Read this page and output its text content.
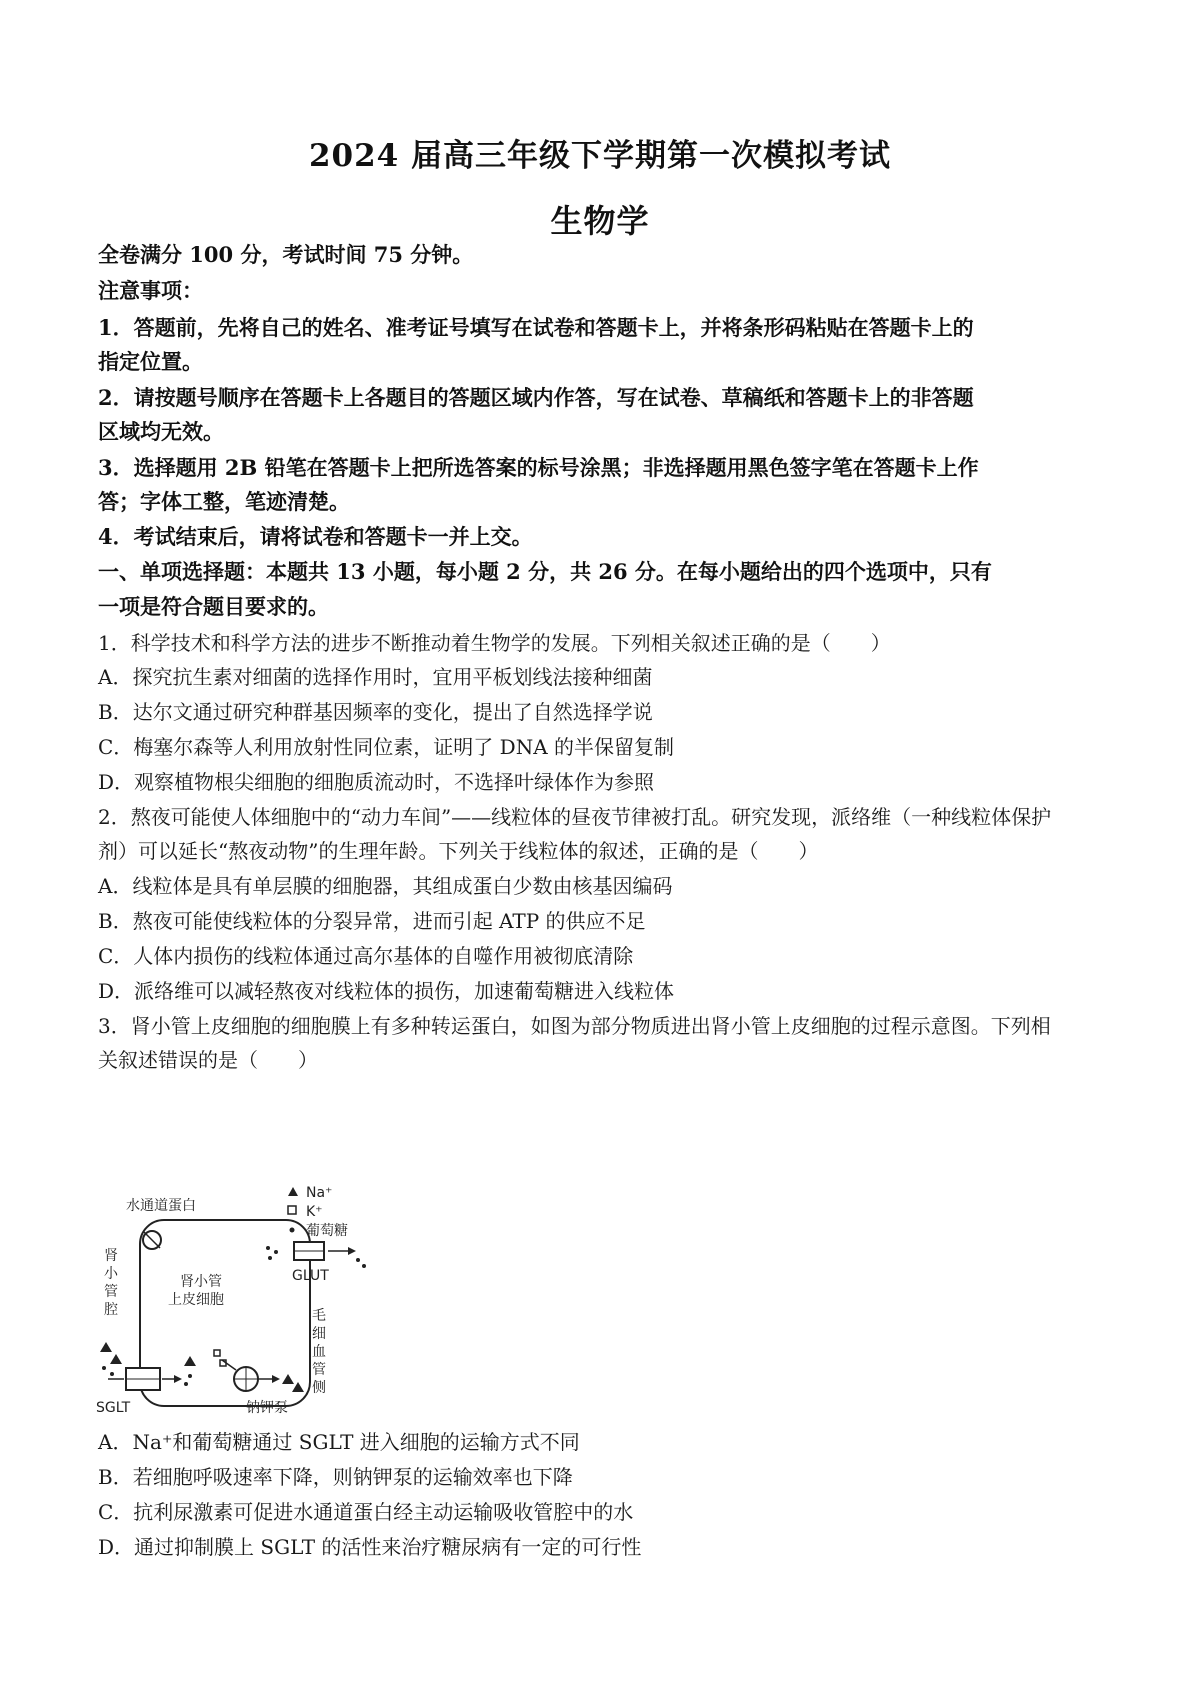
2024 届高三年级下学期第一次模拟考试
生物学
全卷满分 100 分，考试时间 75 分钟。
注意事项：
1．答题前，先将自己的姓名、准考证号填写在试卷和答题卡上，并将条形码粘贴在答题卡上的
指定位置。
2．请按题号顺序在答题卡上各题目的答题区域内作答，写在试卷、草稿纸和答题卡上的非答题
区域均无效。
3．选择题用 2B 铅笔在答题卡上把所选答案的标号涂黑；非选择题用黑色签字笔在答题卡上作
答；字体工整，笔迹清楚。
4．考试结束后，请将试卷和答题卡一并上交。
一、单项选择题：本题共 13 小题，每小题 2 分，共 26 分。在每小题给出的四个选项中，只有
一项是符合题目要求的。
1．科学技术和科学方法的进步不断推动着生物学的发展。下列相关叙述正确的是（　　）
A．探究抗生素对细菌的选择作用时，宜用平板划线法接种细菌
B．达尔文通过研究种群基因频率的变化，提出了自然选择学说
C．梅塞尔森等人利用放射性同位素，证明了 DNA 的半保留复制
D．观察植物根尖细胞的细胞质流动时，不选择叶绿体作为参照
2．熬夜可能使人体细胞中的“动力车间”——线粒体的昼夜节律被打乱。研究发现，派络维（一种线粒体保护
剂）可以延长“熬夜动物”的生理年龄。下列关于线粒体的叙述，正确的是（　　）
A．线粒体是具有单层膜的细胞器，其组成蛋白少数由核基因编码
B．熬夜可能使线粒体的分裂异常，进而引起 ATP 的供应不足
C．人体内损伤的线粒体通过高尔基体的自噬作用被彻底清除
D．派络维可以减轻熬夜对线粒体的损伤，加速葡萄糖进入线粒体
3．肾小管上皮细胞的细胞膜上有多种转运蛋白，如图为部分物质进出肾小管上皮细胞的过程示意图。下列相
关叙述错误的是（　　）
水通道蛋白
GLUT
肾
小
管
腔
肾小管
上皮细胞
SGLT	钠钾泵
毛
细
血
管
侧
Na⁺
K⁺
葡萄糖
A．Na⁺和葡萄糖通过 SGLT 进入细胞的运输方式不同
B．若细胞呼吸速率下降，则钠钾泵的运输效率也下降
C．抗利尿激素可促进水通道蛋白经主动运输吸收管腔中的水
D．通过抑制膜上 SGLT 的活性来治疗糖尿病有一定的可行性
